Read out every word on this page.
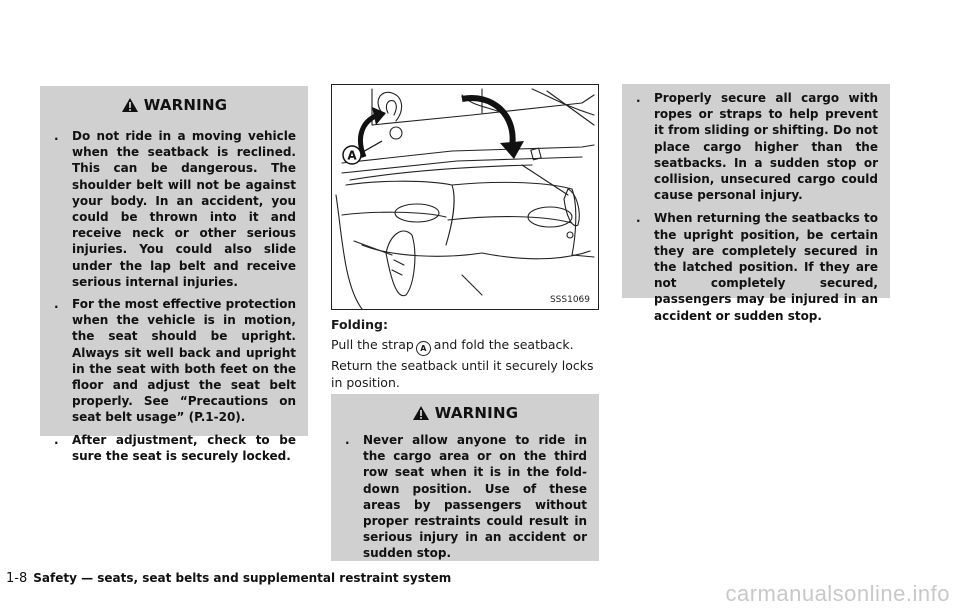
WARNING
. Do not ride in a moving vehicle when the seatback is reclined. This can be dangerous. The shoulder belt will not be against your body. In an accident, you could be thrown into it and receive neck or other serious injuries. You could also slide under the lap belt and receive serious internal injuries.
. For the most effective protection when the vehicle is in motion, the seat should be upright. Always sit well back and upright in the seat with both feet on the floor and adjust the seat belt properly. See “Precautions on seat belt usage” (P.1-20).
. After adjustment, check to be sure the seat is securely locked.
A
SSS1069
Folding:
Pull the strap A and fold the seatback.
Return the seatback until it securely locks in position.
WARNING
. Never allow anyone to ride in the cargo area or on the third row seat when it is in the fold-down position. Use of these areas by passengers without proper restraints could result in serious injury in an accident or sudden stop.
. Properly secure all cargo with ropes or straps to help prevent it from sliding or shifting. Do not place cargo higher than the seatbacks. In a sudden stop or collision, unsecured cargo could cause personal injury.
. When returning the seatbacks to the upright position, be certain they are completely secured in the latched position. If they are not completely secured, passengers may be injured in an accident or sudden stop.
1-8 Safety — seats, seat belts and supplemental restraint system
carmanualsonline.info
